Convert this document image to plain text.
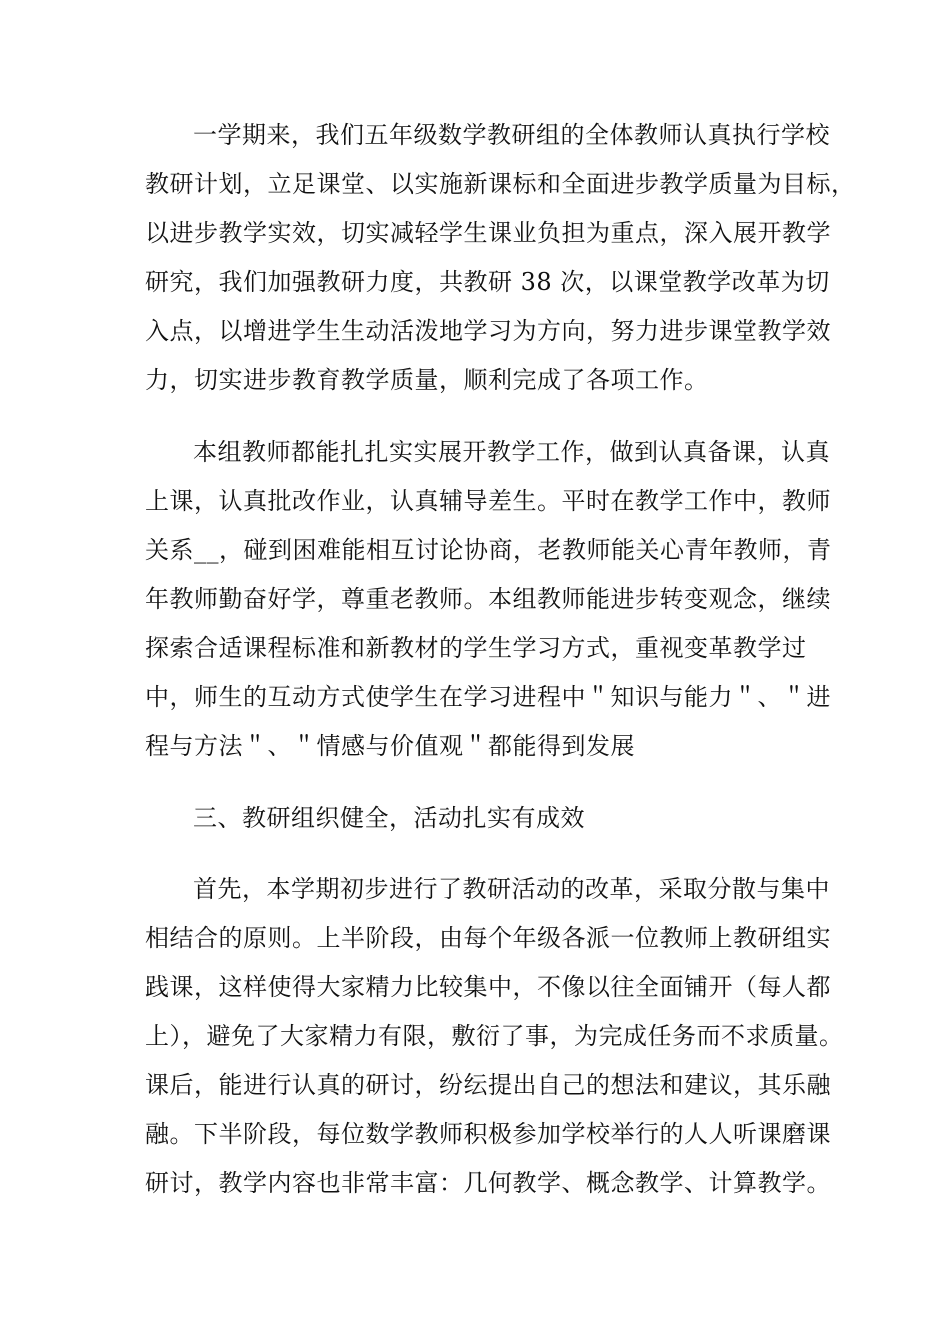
一学期来，我们五年级数学教研组的全体教师认真执行学校
教研计划，立足课堂、以实施新课标和全面进步教学质量为目标，
以进步教学实效，切实减轻学生课业负担为重点，深入展开教学
研究，我们加强教研力度，共教研 38 次，以课堂教学改革为切
入点，以增进学生生动活泼地学习为方向，努力进步课堂教学效
力，切实进步教育教学质量，顺利完成了各项工作。
本组教师都能扎扎实实展开教学工作，做到认真备课，认真
上课，认真批改作业，认真辅导差生。平时在教学工作中，教师
关系__，碰到困难能相互讨论协商，老教师能关心青年教师，青
年教师勤奋好学，尊重老教师。本组教师能进步转变观念，继续
探索合适课程标准和新教材的学生学习方式，重视变革教学过
中，师生的互动方式使学生在学习进程中＂知识与能力＂、＂进
程与方法＂、＂情感与价值观＂都能得到发展
三、教研组织健全，活动扎实有成效
首先，本学期初步进行了教研活动的改革，采取分散与集中
相结合的原则。上半阶段，由每个年级各派一位教师上教研组实
践课，这样使得大家精力比较集中，不像以往全面铺开（每人都
上），避免了大家精力有限，敷衍了事，为完成任务而不求质量。
课后，能进行认真的研讨，纷纭提出自己的想法和建议，其乐融
融。下半阶段，每位数学教师积极参加学校举行的人人听课磨课
研讨，教学内容也非常丰富：几何教学、概念教学、计算教学。
